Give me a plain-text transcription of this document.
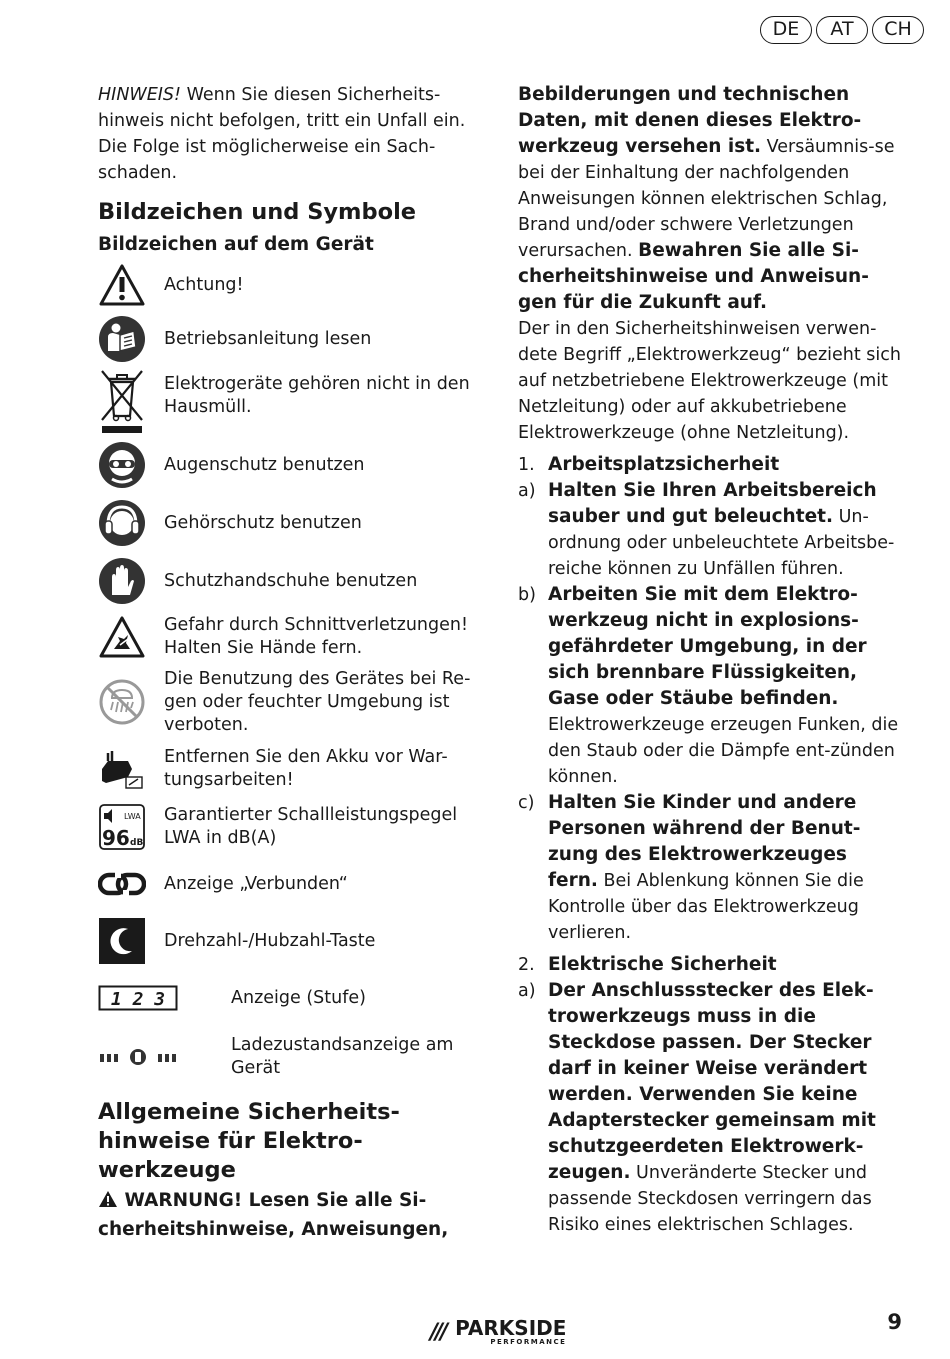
DE	AT	CH

HINWEIS! Wenn Sie diesen Sicherheits-hinweis nicht befolgen, tritt ein Unfall ein. Die Folge ist möglicherweise ein Sach-schaden.

Bildzeichen und Symbole
Bildzeichen auf dem Gerät
Achtung!
Betriebsanleitung lesen
Elektrogeräte gehören nicht in den Hausmüll.
Augenschutz benutzen
Gehörschutz benutzen
Schutzhandschuhe benutzen
Gefahr durch Schnittverletzungen! Halten Sie Hände fern.
Die Benutzung des Gerätes bei Re-gen oder feuchter Umgebung ist verboten.
Entfernen Sie den Akku vor War-tungsarbeiten!
LWA
96 dB
Garantierter Schallleistungspegel
LWA in dB(A)
Anzeige „Verbunden“
Drehzahl-/Hubzahl-Taste
1 2 3	Anzeige (Stufe)
Ladezustandsanzeige am Gerät
Allgemeine Sicherheits-hinweise für Elektro-werkzeuge

WARNUNG! Lesen Sie alle Si-cherheitshinweise, Anweisungen,

Bebilderungen und technischen Daten, mit denen dieses Elektro-werkzeug versehen ist. Versäumnis-se bei der Einhaltung der nachfolgenden Anweisungen können elektrischen Schlag, Brand und/oder schwere Verletzungen verursachen. Bewahren Sie alle Si-cherheitshinweise und Anweisun-gen für die Zukunft auf.

Der in den Sicherheitshinweisen verwen-dete Begriff „Elektrowerkzeug“ bezieht sich auf netzbetriebene Elektrowerkzeuge (mit Netzleitung) oder auf akkubetriebene Elektrowerkzeuge (ohne Netzleitung).

1. Arbeitsplatzsicherheit
a) Halten Sie Ihren Arbeitsbereich sauber und gut beleuchtet. Un-ordnung oder unbeleuchtete Arbeitsbe-reiche können zu Unfällen führen.
b) Arbeiten Sie mit dem Elektro-werkzeug nicht in explosions-gefährdeter Umgebung, in der sich brennbare Flüssigkeiten, Gase oder Stäube befinden. Elektrowerkzeuge erzeugen Funken, die den Staub oder die Dämpfe ent-zünden können.
c) Halten Sie Kinder und andere Personen während der Benut-zung des Elektrowerkzeuges fern. Bei Ablenkung können Sie die Kontrolle über das Elektrowerkzeug verlieren.
2. Elektrische Sicherheit
a) Der Anschlussstecker des Elek-trowerkzeugs muss in die Steckdose passen. Der Stecker darf in keiner Weise verändert werden. Verwenden Sie keine Adapterstecker gemeinsam mit schutzgeerdeten Elektrowerk-zeugen. Unveränderte Stecker und passende Steckdosen verringern das Risiko eines elektrischen Schlages.
/// PARKSIDE
PERFORMANCE
9
